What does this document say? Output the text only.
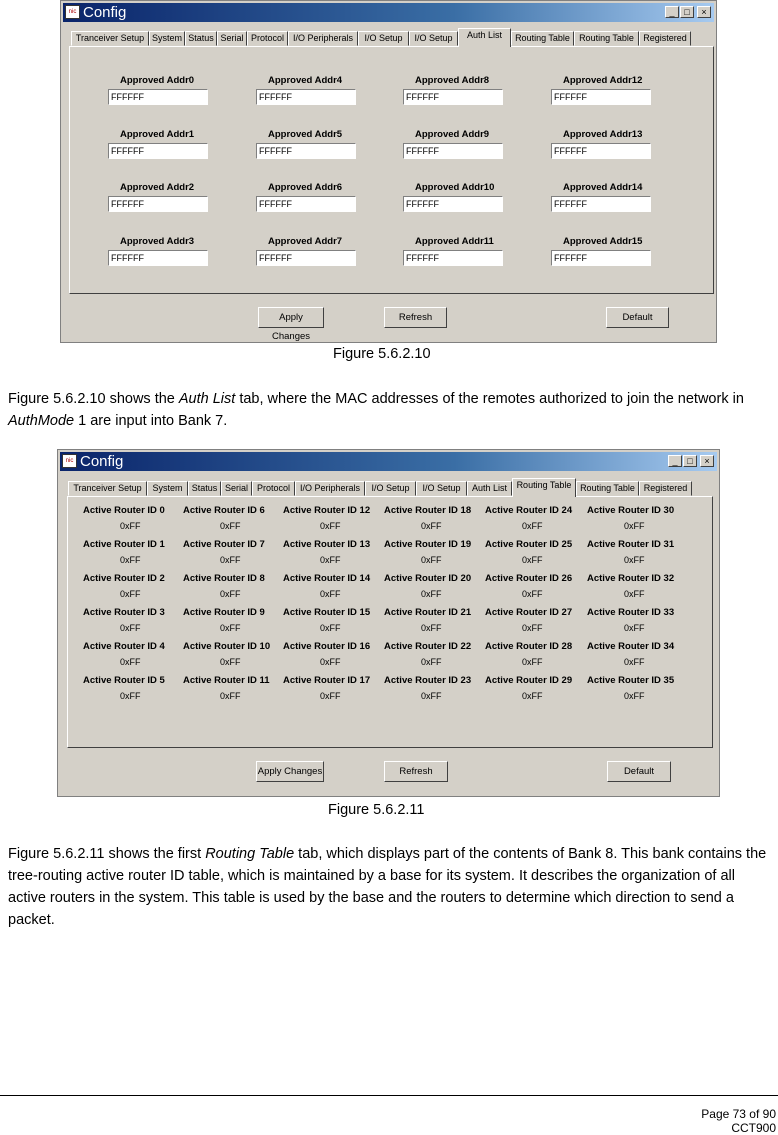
nic Config	_	□	×
Tranceiver Setup System Status Serial Protocol I/O Peripherals	I/O Setup	I/O Setup	Auth List	Routing Table	Routing Table	Registered
Approved Addr0
FFFFFF
Approved Addr1
FFFFFF
Approved Addr2
FFFFFF
Approved Addr3
FFFFFF
Approved Addr4
FFFFFF
Approved Addr5
FFFFFF
Approved Addr6
FFFFFF
Approved Addr7
FFFFFF
Approved Addr8
FFFFFF
Approved Addr9
FFFFFF
Approved Addr10
FFFFFF
Approved Addr11
FFFFFF
Approved Addr12
FFFFFF
Approved Addr13
FFFFFF
Approved Addr14
FFFFFF
Approved Addr15
FFFFFF
Apply Changes
Refresh	Default
Figure 5.6.2.10
Figure 5.6.2.10 shows the Auth List tab, where the MAC addresses of the remotes authorized to join the network in AuthMode 1 are input into Bank 7.
nic Config	_	□	×
Tranceiver Setup	System	Status Serial Protocol	I/O Peripherals	I/O Setup	I/O Setup	Auth List	Routing Table Routing Table Registered
Active Router ID 0
0xFF
Active Router ID 6
0xFF
Active Router ID 12
0xFF
Active Router ID 18
0xFF
Active Router ID 24
0xFF
Active Router ID 30
0xFF
Active Router ID 1
0xFF
Active Router ID 7
0xFF
Active Router ID 13
0xFF
Active Router ID 19
0xFF
Active Router ID 25
0xFF
Active Router ID 31
0xFF
Active Router ID 2
0xFF
Active Router ID 8
0xFF
Active Router ID 14
0xFF
Active Router ID 20
0xFF
Active Router ID 26
0xFF
Active Router ID 32
0xFF
Active Router ID 3
0xFF
Active Router ID 9
0xFF
Active Router ID 15
0xFF
Active Router ID 21
0xFF
Active Router ID 27
0xFF
Active Router ID 33
0xFF
Active Router ID 4
0xFF
Active Router ID 10
0xFF
Active Router ID 16
0xFF
Active Router ID 22
0xFF
Active Router ID 28
0xFF
Active Router ID 34
0xFF
Active Router ID 5
0xFF
Active Router ID 11
0xFF
Active Router ID 17
0xFF
Active Router ID 23
0xFF
Active Router ID 29
0xFF
Active Router ID 35
0xFF
Apply Changes	Refresh	Default
Figure 5.6.2.11
Figure 5.6.2.11 shows the first Routing Table tab, which displays part of the contents of Bank 8. This bank contains the tree-routing active router ID table, which is maintained by a base for its system. It describes the organization of all active routers in the system. This table is used by the base and the routers to determine which direction to send a packet.
Page 73 of 90
CCT900
